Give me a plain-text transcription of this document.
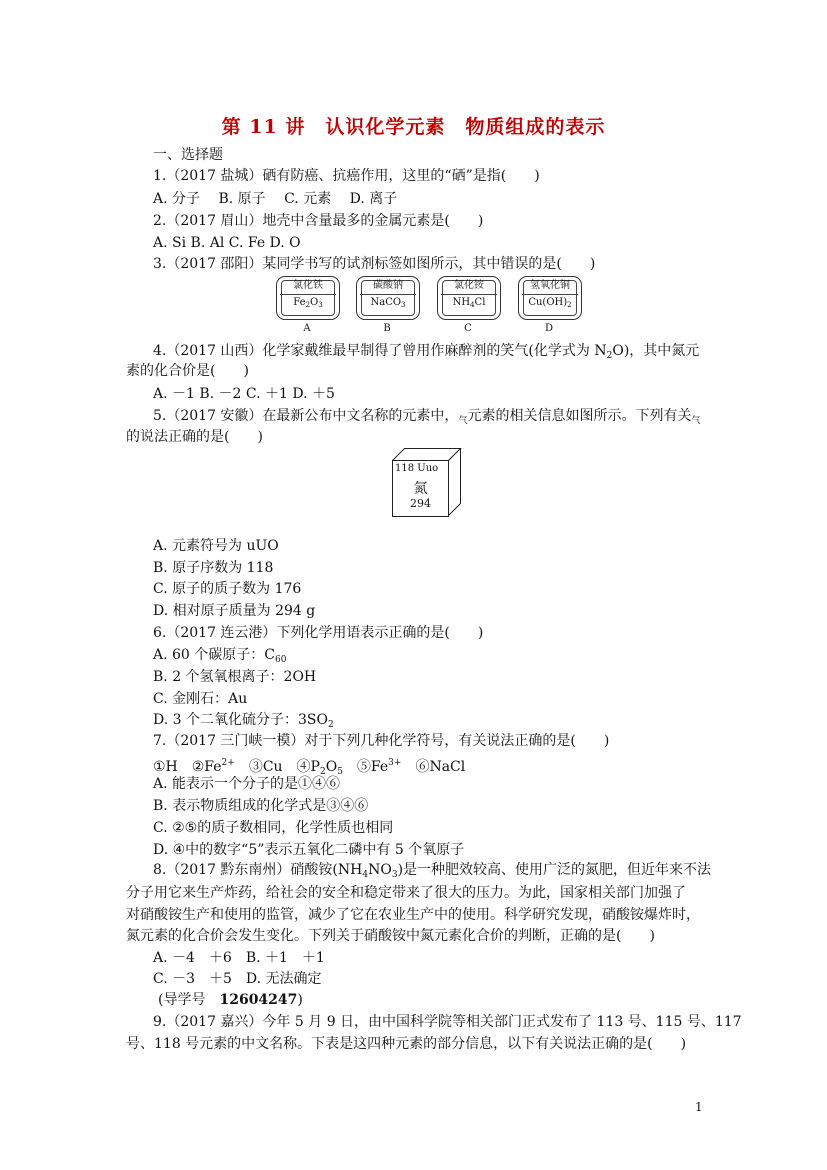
第 11 讲　认识化学元素　物质组成的表示
一、选择题
1.（2017 盐城）硒有防癌、抗癌作用，这里的“硒”是指(　　)
A. 分子　 B. 原子　 C. 元素　 D. 离子
2.（2017 眉山）地壳中含量最多的金属元素是(　　)
A. Si B. Al C. Fe D. O
3.（2017 邵阳）某同学书写的试剂标签如图所示，其中错误的是(　　)
氯化铁
$Fe_2O_3$
A
碳酸钠
NaCO$_3$
B
氯化铵
$NH_4Cl$
C
氢氧化铜
$Cu(OH)_2$
D
4.（2017 山西）化学家戴维最早制得了曾用作麻醉剂的笑气(化学式为 $N_2O$)，其中氮元
素的化合价是(　　)
A. －1 B. －2 C. ＋1 D. ＋5
5.（2017 安徽）在最新公布中文名称的元素中，$_气$元素的相关信息如图所示。下列有关$_气$
的说法正确的是(　　)
118 Uuo
氮
294
A. 元素符号为 uUO
B. 原子序数为 118
C. 原子的质子数为 176
D. 相对原子质量为 294 g
6.（2017 连云港）下列化学用语表示正确的是(　　)
A. 60 个碳原子：$C_{60}$
B. 2 个氢氧根离子：2OH
C. 金刚石：Au
D. 3 个二氧化硫分子：$3SO_2$
7.（2017 三门峡一模）对于下列几种化学符号，有关说法正确的是(　　)
①H　$②Fe^{2+}$　③Cu　$④P_2O_5$　$⑤Fe^{3+}$　⑥NaCl
A. 能表示一个分子的是①④⑥
B. 表示物质组成的化学式是③④⑥
C. ②⑤的质子数相同，化学性质也相同
D. ④中的数字“5”表示五氧化二磷中有 5 个氧原子
8.（2017 黔东南州）硝酸铵$(NH_4NO_3)$是一种肥效较高、使用广泛的氮肥，但近年来不法
分子用它来生产炸药，给社会的安全和稳定带来了很大的压力。为此，国家相关部门加强了
对硝酸铵生产和使用的监管，减少了它在农业生产中的使用。科学研究发现，硝酸铵爆炸时，
氮元素的化合价会发生变化。下列关于硝酸铵中氮元素化合价的判断，正确的是(　　)
A. －4　＋6　B. ＋1　＋1
C. －3　＋5　D. 无法确定
(导学号　12604247)
9.（2017 嘉兴）今年 5 月 9 日，由中国科学院等相关部门正式发布了 113 号、115 号、117
号、118 号元素的中文名称。下表是这四种元素的部分信息，以下有关说法正确的是(　　)
1
